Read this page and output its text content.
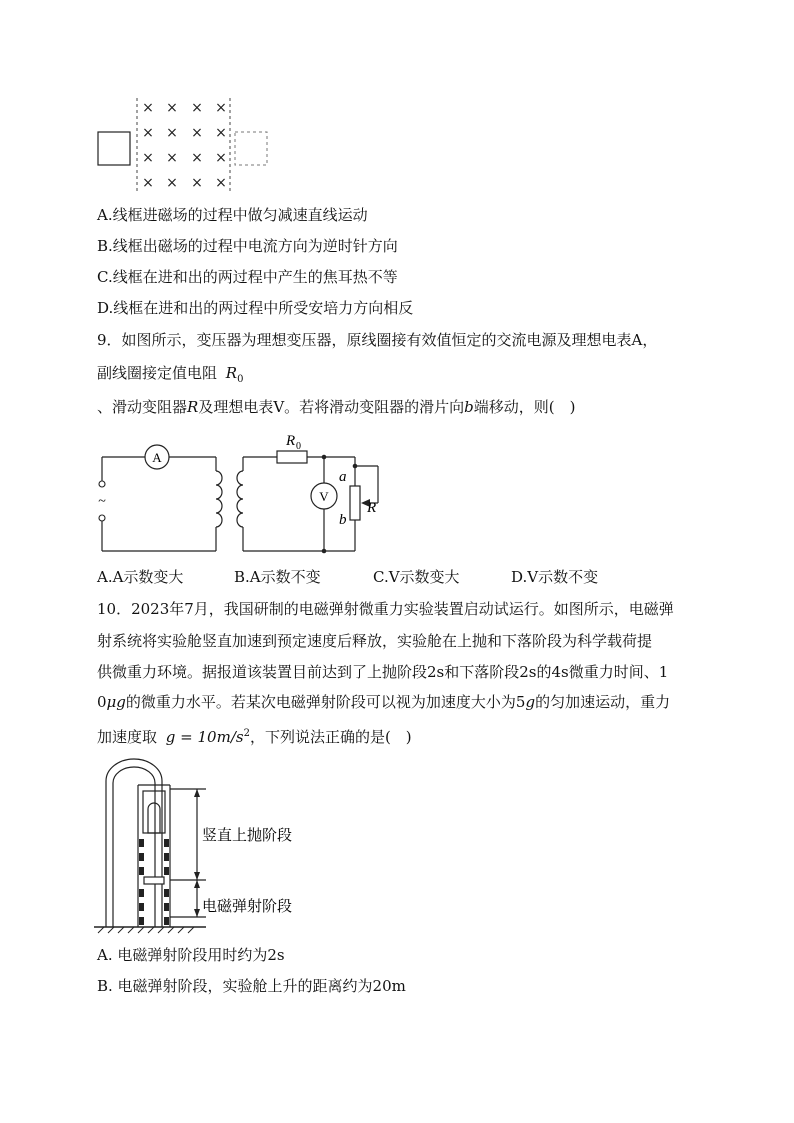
× × × ×
× × × ×
× × × ×
× × × ×
A.线框进磁场的过程中做匀减速直线运动
B.线框出磁场的过程中电流方向为逆时针方向
C.线框在进和出的两过程中产生的焦耳热不等
D.线框在进和出的两过程中所受安培力方向相反
9．如图所示，变压器为理想变压器，原线圈接有效值恒定的交流电源及理想电表A，
副线圈接定值电阻 $R_0$
、滑动变阻器R及理想电表V。若将滑动变阻器的滑片向b端移动，则(　)
A
V
~
R 0
a
b
R
A.A示数变大	B.A示数不变	C.V示数变大	D.V示数不变
10．2023年7月，我国研制的电磁弹射微重力实验装置启动试运行。如图所示，电磁弹
射系统将实验舱竖直加速到预定速度后释放，实验舱在上抛和下落阶段为科学载荷提
供微重力环境。据报道该装置目前达到了上抛阶段2s和下落阶段2s的4s微重力时间、1
0μg的微重力水平。若某次电磁弹射阶段可以视为加速度大小为5g的匀加速运动，重力
加速度取 $g = 10m/s^2$，下列说法正确的是(　)
竖直上抛阶段
电磁弹射阶段
A. 电磁弹射阶段用时约为2s
B. 电磁弹射阶段，实验舱上升的距离约为20m
